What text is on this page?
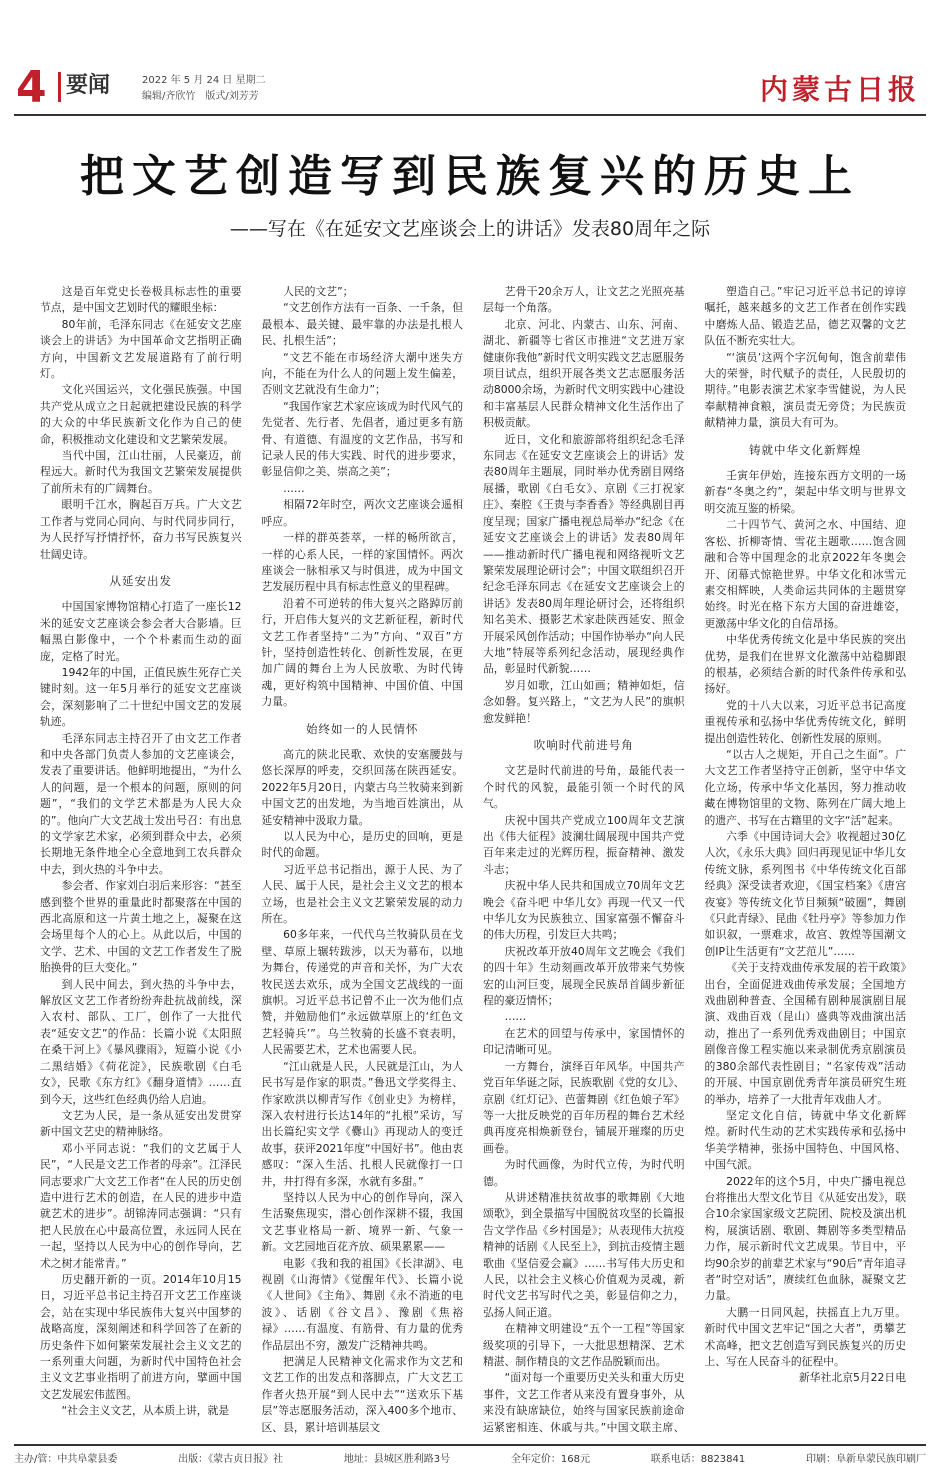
4 要闻	2022 年 5 月 24 日 星期二
编辑/齐欣竹　版式/刘芳芳	内蒙古日报
把文艺创造写到民族复兴的历史上
——写在《在延安文艺座谈会上的讲话》发表80周年之际

这是百年党史长卷极具标志性的重要节点，是中国文艺划时代的耀眼坐标：

80年前，毛泽东同志《在延安文艺座谈会上的讲话》为中国革命文艺指明正确方向，中国新文艺发展道路有了前行明灯。

文化兴国运兴，文化强民族强。中国共产党从成立之日起就把建设民族的科学的大众的中华民族新文化作为自己的使命，积极推动文化建设和文艺繁荣发展。

当代中国，江山壮丽，人民豪迈，前程远大。新时代为我国文艺繁荣发展提供了前所未有的广阔舞台。

眼明千江水，胸起百万兵。广大文艺工作者与党同心同向、与时代同步同行，为人民抒写抒情抒怀，奋力书写民族复兴壮阔史诗。

从延安出发

中国国家博物馆精心打造了一座长12米的延安文艺座谈会参会者大合影墙。巨幅黑白影像中，一个个朴素而生动的面庞，定格了时光。

1942年的中国，正值民族生死存亡关键时刻。这一年5月举行的延安文艺座谈会，深刻影响了二十世纪中国文艺的发展轨迹。

毛泽东同志主持召开了由文艺工作者和中央各部门负责人参加的文艺座谈会，发表了重要讲话。他鲜明地提出，“为什么人的问题，是一个根本的问题，原则的问题”，“我们的文学艺术都是为人民大众的”。他向广大文艺战士发出号召：有出息的文学家艺术家，必须到群众中去，必须长期地无条件地全心全意地到工农兵群众中去，到火热的斗争中去。

参会者、作家刘白羽后来形容：“甚至感到整个世界的重量此时都聚落在中国的西北高原和这一片黄土地之上，凝聚在这会场里每个人的心上。从此以后，中国的文学、艺术、中国的文艺工作者发生了脱胎换骨的巨大变化。”

到人民中间去，到火热的斗争中去，解放区文艺工作者纷纷奔赴抗战前线，深入农村、部队、工厂，创作了一大批代表“延安文艺”的作品：长篇小说《太阳照在桑干河上》《暴风骤雨》，短篇小说《小二黑结婚》《荷花淀》，民族歌剧《白毛女》，民歌《东方红》《翻身道情》……直到今天，这些红色经典仍给人启迪。

文艺为人民，是一条从延安出发贯穿新中国文艺史的精神脉络。

邓小平同志说：“我们的文艺属于人民”，“人民是文艺工作者的母亲”。江泽民同志要求广大文艺工作者“在人民的历史创造中进行艺术的创造，在人民的进步中造就艺术的进步”。胡锦涛同志强调：“只有把人民放在心中最高位置，永远同人民在一起，坚持以人民为中心的创作导向，艺术之树才能常青。”

历史翻开新的一页。2014年10月15日，习近平总书记主持召开文艺工作座谈会，站在实现中华民族伟大复兴中国梦的战略高度，深刻阐述和科学回答了在新的历史条件下如何繁荣发展社会主义文艺的一系列重大问题，为新时代中国特色社会主义文艺事业指明了前进方向，擘画中国文艺发展宏伟蓝图。

“社会主义文艺，从本质上讲，就是

人民的文艺”；

“文艺创作方法有一百条、一千条，但最根本、最关键、最牢靠的办法是扎根人民、扎根生活”；

“文艺不能在市场经济大潮中迷失方向，不能在为什么人的问题上发生偏差，否则文艺就没有生命力”；

“我国作家艺术家应该成为时代风气的先觉者、先行者、先倡者，通过更多有筋骨、有道德、有温度的文艺作品，书写和记录人民的伟大实践、时代的进步要求，彰显信仰之美、崇高之美”；

……

相隔72年时空，两次文艺座谈会遥相呼应。

一样的群英荟萃，一样的畅所欲言，一样的心系人民，一样的家国情怀。两次座谈会一脉相承又与时俱进，成为中国文艺发展历程中具有标志性意义的里程碑。

沿着不可逆转的伟大复兴之路踔厉前行，开启伟大复兴的文艺新征程，新时代文艺工作者坚持“二为”方向、“双百”方针，坚持创造性转化、创新性发展，在更加广阔的舞台上为人民放歌、为时代铸魂，更好构筑中国精神、中国价值、中国力量。

始终如一的人民情怀

高亢的陕北民歌、欢快的安塞腰鼓与悠长深厚的呼麦，交织回荡在陕西延安。2022年5月20日，内蒙古乌兰牧骑来到新中国文艺的出发地，为当地百姓演出，从延安精神中汲取力量。

以人民为中心，是历史的回响，更是时代的命题。

习近平总书记指出，源于人民、为了人民、属于人民，是社会主义文艺的根本立场，也是社会主义文艺繁荣发展的动力所在。

60多年来，一代代乌兰牧骑队员在戈壁、草原上辗转跋涉，以天为幕布，以地为舞台，传递党的声音和关怀，为广大农牧民送去欢乐，成为全国文艺战线的一面旗帜。习近平总书记曾不止一次为他们点赞，并勉励他们“永远做草原上的‘红色文艺轻骑兵’”。乌兰牧骑的长盛不衰表明，人民需要艺术，艺术也需要人民。

“江山就是人民，人民就是江山，为人民书写是作家的职责。”鲁迅文学奖得主、作家欧洪以柳青写作《创业史》为榜样，深入农村进行长达14年的“扎根”采访，写出长篇纪实文学《爨山》再现动人的变迁故事，获评2021年度“中国好书”。他由衷感叹：“深入生活、扎根人民就像打一口井，井打得有多深，水就有多甜。”

坚持以人民为中心的创作导向，深入生活聚焦现实，潜心创作深耕不辍，我国文艺事业格局一新、境界一新、气象一新。文艺园地百花齐放、硕果累累——

电影《我和我的祖国》《长津湖》、电视剧《山海情》《觉醒年代》、长篇小说《人世间》《主角》、舞剧《永不消逝的电波》、话剧《谷文昌》、豫剧《焦裕禄》……有温度、有筋骨、有力量的优秀作品层出不穷，激发广泛精神共鸣。

把满足人民精神文化需求作为文艺和文艺工作的出发点和落脚点，广大文艺工作者火热开展“到人民中去”“送欢乐下基层”等志愿服务活动，深入400多个地市、区、县，累计培训基层文

艺骨干20余万人，让文艺之光照亮基层每一个角落。

北京、河北、内蒙古、山东、河南、湖北、新疆等七省区市推进“文艺进万家 健康你我他”新时代文明实践文艺志愿服务项目试点，组织开展各类文艺志愿服务活动8000余场，为新时代文明实践中心建设和丰富基层人民群众精神文化生活作出了积极贡献。

近日，文化和旅游部将组织纪念毛泽东同志《在延安文艺座谈会上的讲话》发表80周年主题展，同时举办优秀剧目网络展播，歌剧《白毛女》、京剧《三打祝家庄》、秦腔《王贵与李香香》等经典剧目再度呈现；国家广播电视总局举办“纪念《在延安文艺座谈会上的讲话》发表80周年——推动新时代广播电视和网络视听文艺繁荣发展理论研讨会”；中国文联组织召开纪念毛泽东同志《在延安文艺座谈会上的讲话》发表80周年理论研讨会，还将组织知名美术、摄影艺术家赴陕西延安、照金开展采风创作活动；中国作协举办“向人民大地”特展等系列纪念活动，展现经典作品，彰显时代新貌……

岁月如歌，江山如画；精神如炬，信念如磐。复兴路上，“文艺为人民”的旗帜愈发鲜艳！

吹响时代前进号角

文艺是时代前进的号角，最能代表一个时代的风貌，最能引领一个时代的风气。

庆祝中国共产党成立100周年文艺演出《伟大征程》波澜壮阔展现中国共产党百年来走过的光辉历程，振奋精神、激发斗志；

庆祝中华人民共和国成立70周年文艺晚会《奋斗吧 中华儿女》再现一代又一代中华儿女为民族独立、国家富强不懈奋斗的伟大历程，引发巨大共鸣；

庆祝改革开放40周年文艺晚会《我们的四十年》生动刻画改革开放带来气势恢宏的山河巨变，展现全民族昂首阔步新征程的豪迈情怀；

……

在艺术的回望与传承中，家国情怀的印记清晰可见。

一方舞台，演绎百年风华。中国共产党百年华诞之际，民族歌剧《党的女儿》、京剧《红灯记》、芭蕾舞剧《红色娘子军》等一大批反映党的百年历程的舞台艺术经典再度亮相焕新登台，铺展开璀璨的历史画卷。

为时代画像，为时代立传，为时代明德。

从讲述精准扶贫故事的歌舞剧《大地颂歌》，到全景描写中国脱贫攻坚的长篇报告文学作品《乡村国是》；从表现伟大抗疫精神的话剧《人民至上》，到抗击疫情主题歌曲《坚信爱会赢》……书写伟大历史和人民，以社会主义核心价值观为灵魂，新时代文艺书写时代之美，彰显信仰之力，弘扬人间正道。

在精神文明建设“五个一工程”等国家级奖项的引导下，一大批思想精深、艺术精湛、制作精良的文艺作品脱颖而出。

“面对每一个重要历史关头和重大历史事件，文艺工作者从来没有置身事外，从来没有缺席缺位，始终与国家民族前途命运紧密相连、休戚与共。”中国文联主席、

塑造自己。”牢记习近平总书记的谆谆嘱托，越来越多的文艺工作者在创作实践中磨炼人品、锻造艺品，德艺双馨的文艺队伍不断充实壮大。

“‘演员’这两个字沉甸甸，饱含前辈伟大的荣誉，时代赋予的责任，人民殷切的期待。”电影表演艺术家李雪健说，为人民奉献精神食粮，演员责无旁贷；为民族贡献精神力量，演员大有可为。

铸就中华文化新辉煌

壬寅年伊始，连接东西方文明的一场新春“冬奥之约”，架起中华文明与世界文明交流互鉴的桥梁。

二十四节气、黄河之水、中国结、迎客松、折柳寄情、雪花主题歌……饱含圆融和合等中国理念的北京2022年冬奥会开、闭幕式惊艳世界。中华文化和冰雪元素交相辉映，人类命运共同体的主题贯穿始终。时光在格下东方大国的奋进雄姿，更激荡中华文化的自信昂扬。

中华优秀传统文化是中华民族的突出优势，是我们在世界文化激荡中站稳脚跟的根基，必须结合新的时代条件传承和弘扬好。

党的十八大以来，习近平总书记高度重视传承和弘扬中华优秀传统文化，鲜明提出创造性转化、创新性发展的原则。

“以古人之规矩，开自己之生面”。广大文艺工作者坚持守正创新，坚守中华文化立场，传承中华文化基因，努力推动收藏在博物馆里的文物、陈列在广阔大地上的遗产、书写在古籍里的文字“活”起来。

六季《中国诗词大会》收视超过30亿人次，《永乐大典》回归再现见证中华儿女传统文脉，系列图书《中华传统文化百部经典》深受读者欢迎，《国宝档案》《唐宫夜宴》等传统文化节目频频“破圈”，舞剧《只此青绿》、昆曲《牡丹亭》等参加力作如识叙，一票难求，故宫、敦煌等国潮文创IP让生活更有“文艺范儿”……

《关于支持戏曲传承发展的若干政策》出台，全面促进戏曲传承发展；全国地方戏曲剧种普查、全国稀有剧种展演剧目展演、戏曲百戏（昆山）盛典等戏曲演出活动，推出了一系列优秀戏曲剧目；中国京剧像音像工程实施以来录制优秀京剧演员的380余部代表性剧目；“名家传戏”活动的开展、中国京剧优秀青年演员研究生班的举办，培养了一大批青年戏曲人才。

坚定文化自信，铸就中华文化新辉煌。新时代生动的艺术实践传承和弘扬中华美学精神，张扬中国特色、中国风格、中国气派。

2022年的这个5月，中央广播电视总台将推出大型文化节目《从延安出发》，联合10余家国家级文艺院团、院校及演出机构，展演话剧、歌剧、舞剧等多类型精品力作，展示新时代文艺成果。节目中，平均90余岁的前辈艺术家与“90后”青年追寻者“时空对话”，赓续红色血脉，凝聚文艺力量。

大鹏一日同风起，扶摇直上九万里。新时代中国文艺牢记“国之大者”，勇攀艺术高峰，把文艺创造写到民族复兴的历史上、写在人民奋斗的征程中。

新华社北京5月22日电

主办/管：中共阜蒙县委	出版：《蒙古贞日报》社	地址：县城区胜利路3号	全年定价：168元	联系电话：8823841	印刷：阜新阜蒙民族印刷厂
